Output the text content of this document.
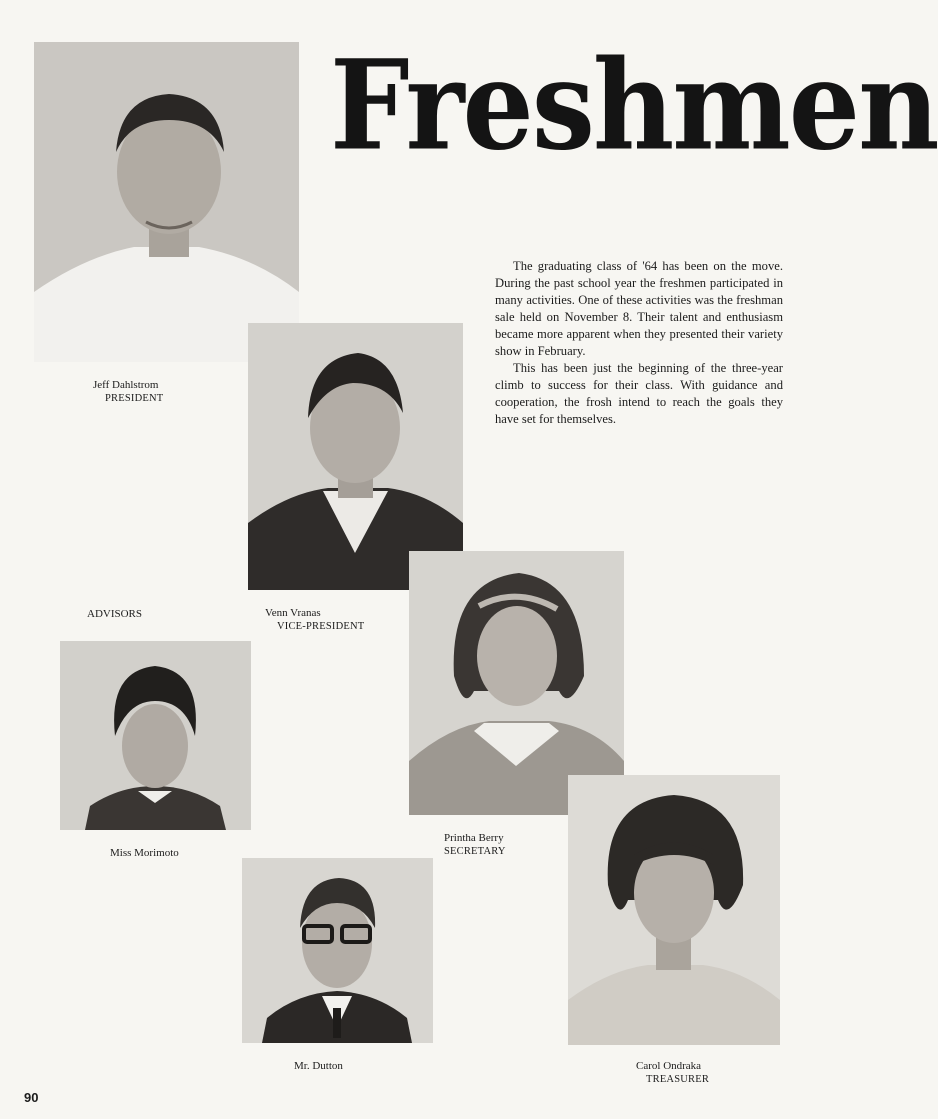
Freshmen

The graduating class of '64 has been on the move. During the past school year the freshmen participated in many activities. One of these activities was the freshman sale held on November 8. Their talent and enthusiasm became more apparent when they presented their variety show in February.

This has been just the beginning of the three-year climb to success for their class. With guidance and cooperation, the frosh intend to reach the goals they have set for themselves.

Jeff Dahlstrom
PRESIDENT
ADVISORS	Venn Vranas
VICE-PRESIDENT
Miss Morimoto
Printha Berry
SECRETARY
Mr. Dutton	Carol Ondraka
TREASURER
90
